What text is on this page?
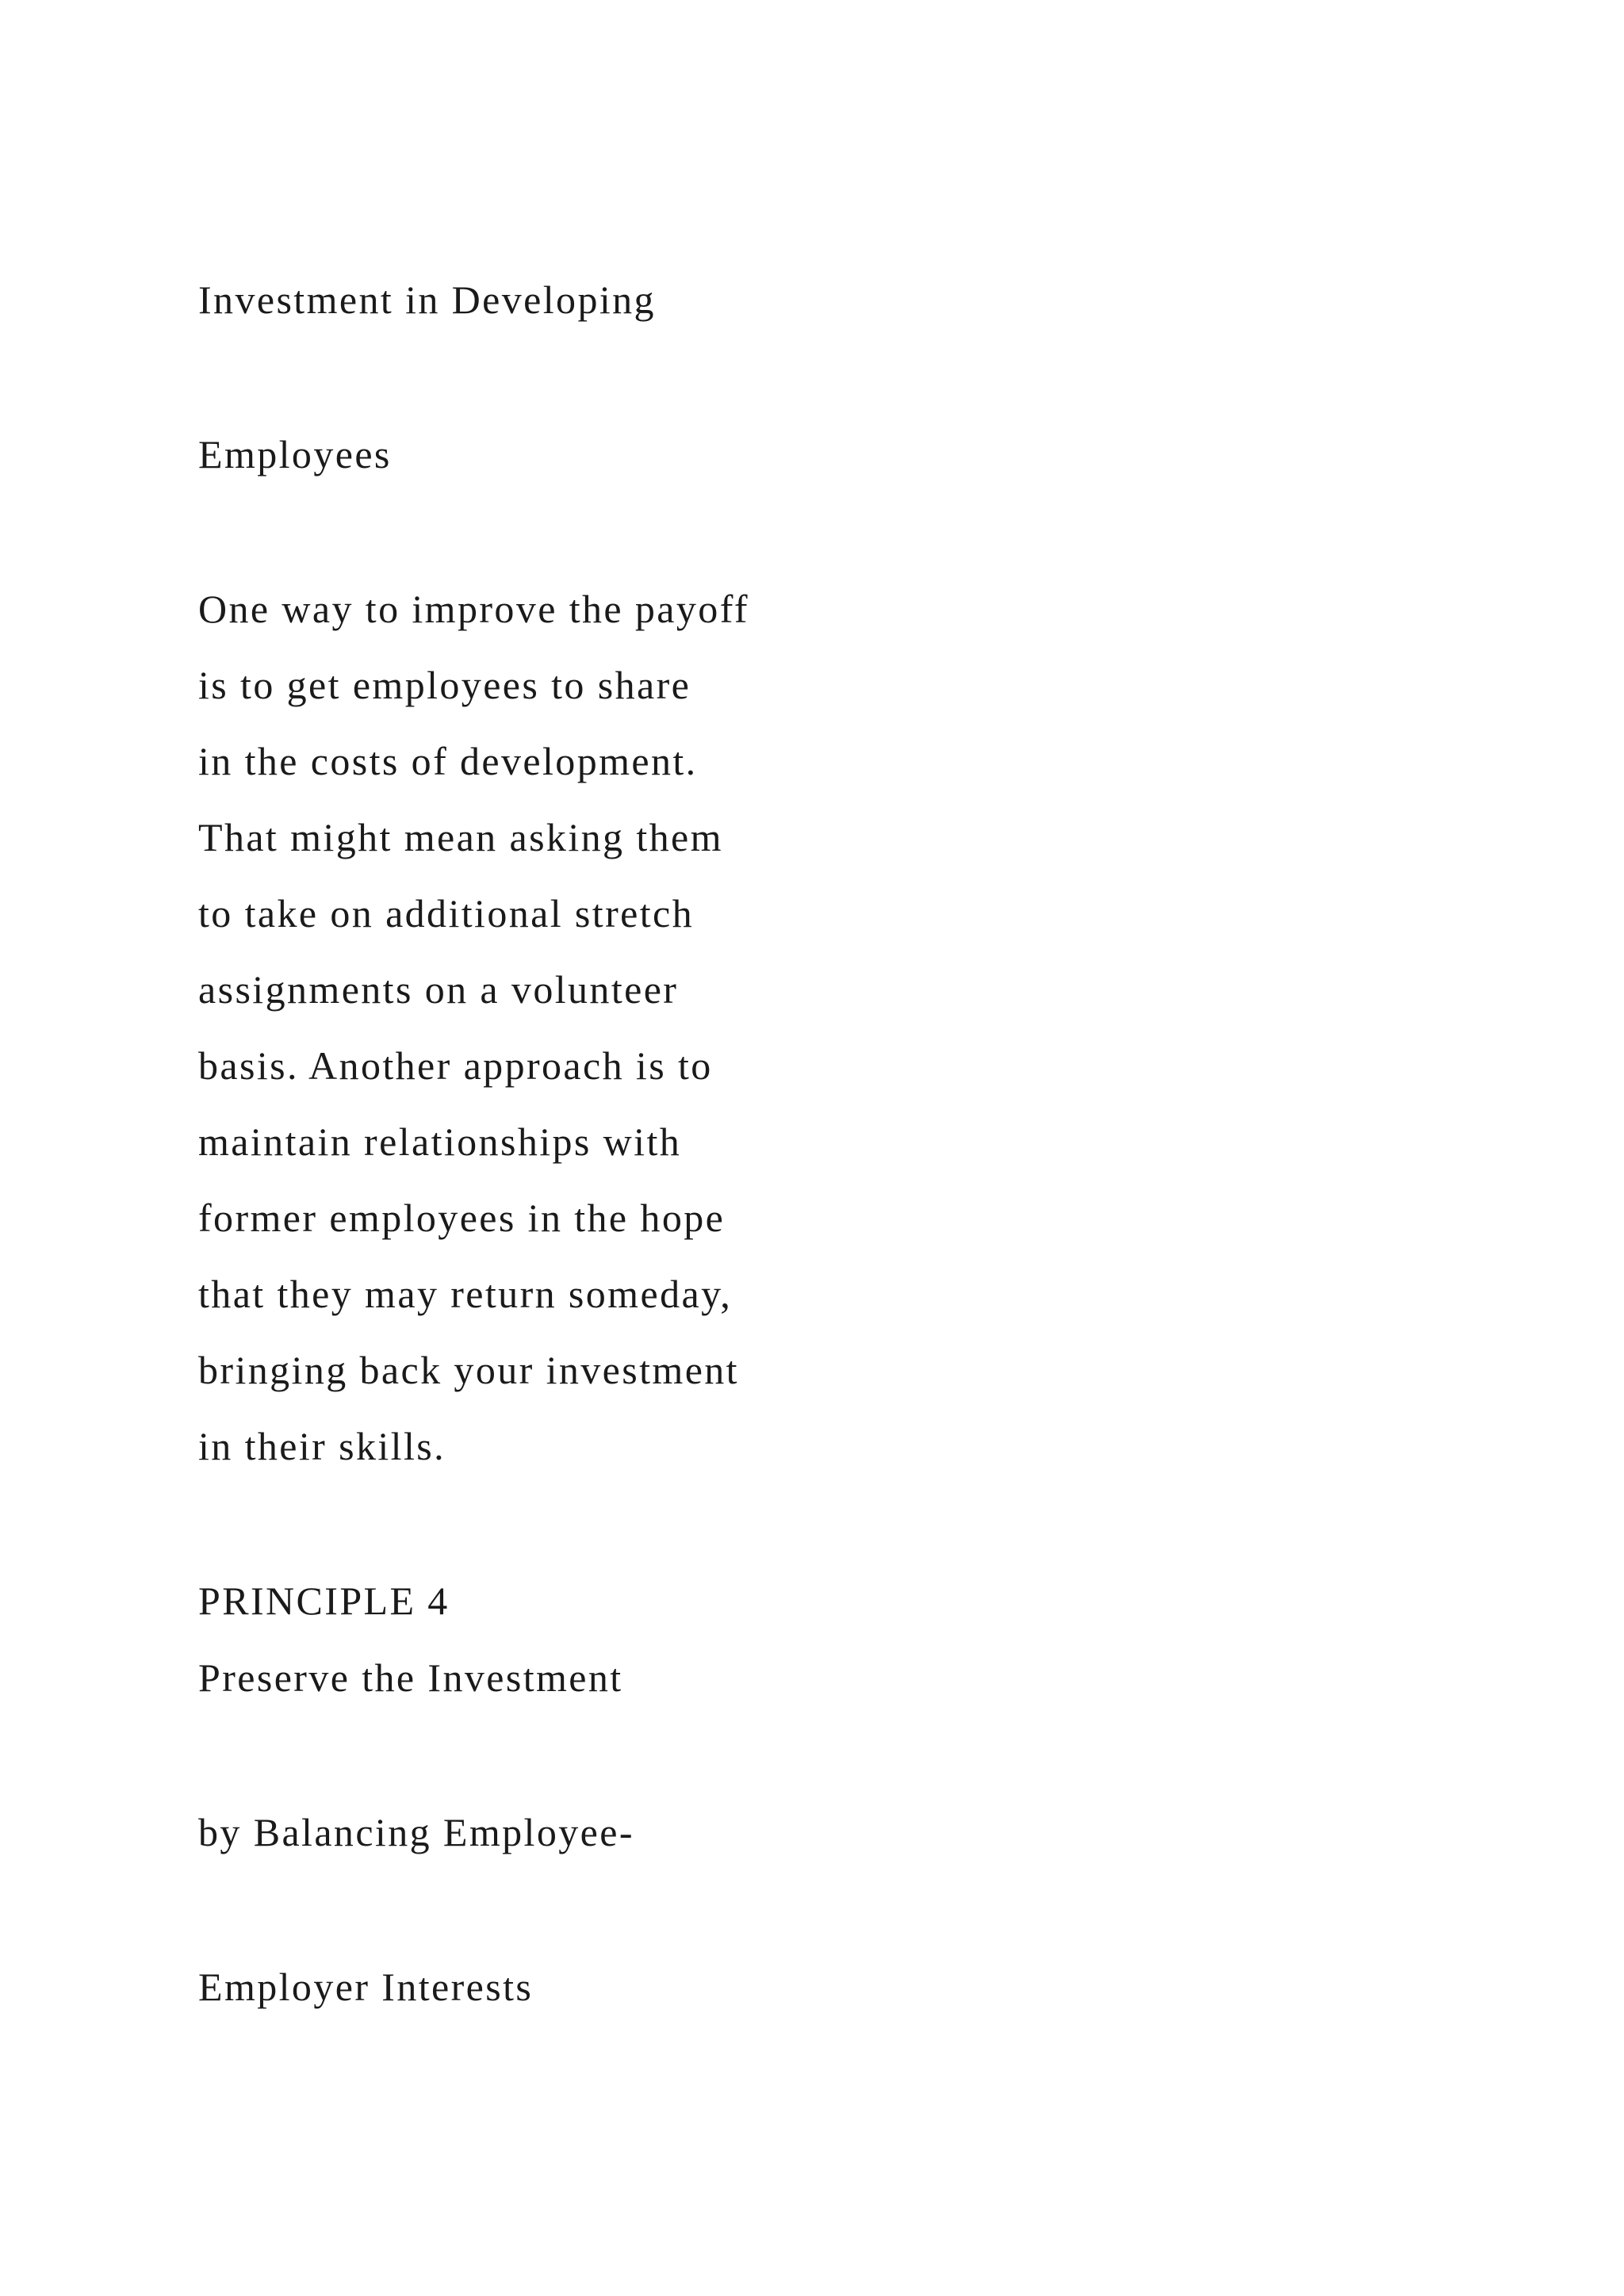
Investment in Developing

Employees

One way to improve the payoff

is to get employees to share

in the costs of development.

That might mean asking them

to take on additional stretch

assignments on a volunteer

basis. Another approach is to

maintain relationships with

former employees in the hope

that they may return someday,

bringing back your investment

in their skills.

PRINCIPLE 4

Preserve the Investment

by Balancing Employee-

Employer Interests
